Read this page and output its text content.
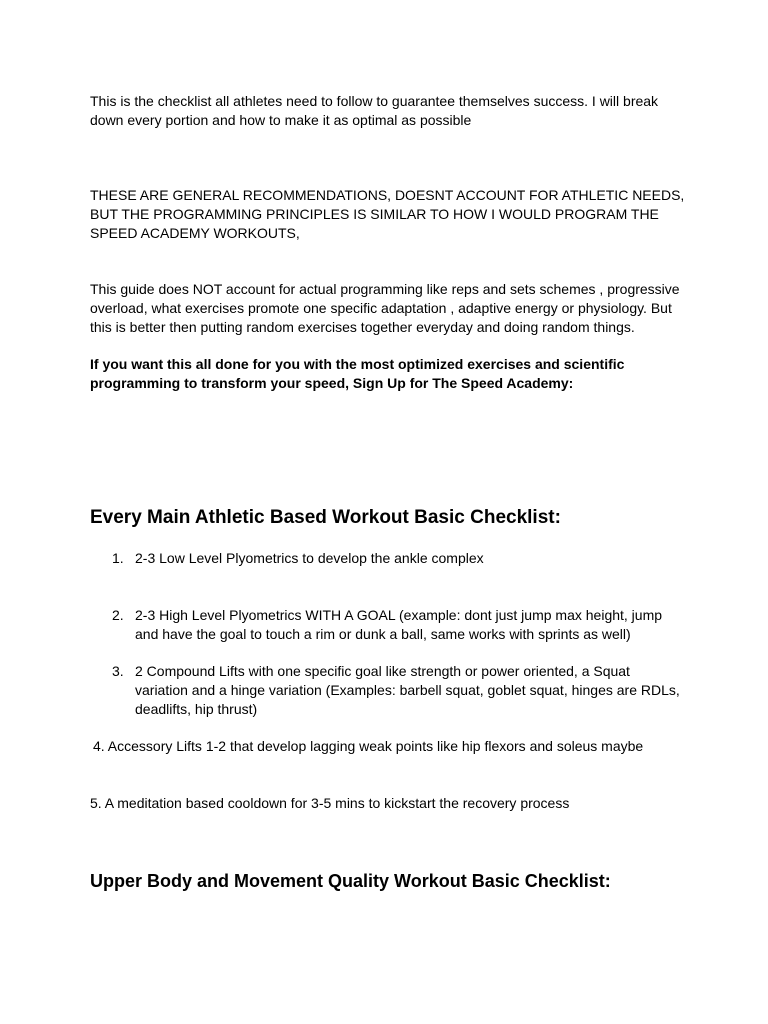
This is the checklist all athletes need to follow to guarantee themselves success. I will break down every portion and how to make it as optimal as possible

THESE ARE GENERAL RECOMMENDATIONS, DOESNT ACCOUNT FOR ATHLETIC NEEDS, BUT THE PROGRAMMING PRINCIPLES IS SIMILAR TO HOW I WOULD PROGRAM THE SPEED ACADEMY WORKOUTS,

This guide does NOT account for actual programming like reps and sets schemes , progressive overload, what exercises promote one specific adaptation , adaptive energy or physiology. But this is better then putting random exercises together everyday and doing random things.

If you want this all done for you with the most optimized exercises and scientific programming to transform your speed, Sign Up for The Speed Academy:

Every Main Athletic Based Workout Basic Checklist:
1. 2-3 Low Level Plyometrics to develop the ankle complex
2. 2-3 High Level Plyometrics WITH A GOAL (example: dont just jump max height, jump and have the goal to touch a rim or dunk a ball, same works with sprints as well)
3. 2 Compound Lifts with one specific goal like strength or power oriented, a Squat variation and a hinge variation (Examples: barbell squat, goblet squat, hinges are RDLs, deadlifts, hip thrust)

4. Accessory Lifts 1-2 that develop lagging weak points like hip flexors and soleus maybe

5. A meditation based cooldown for 3-5 mins to kickstart the recovery process

Upper Body and Movement Quality Workout Basic Checklist:
